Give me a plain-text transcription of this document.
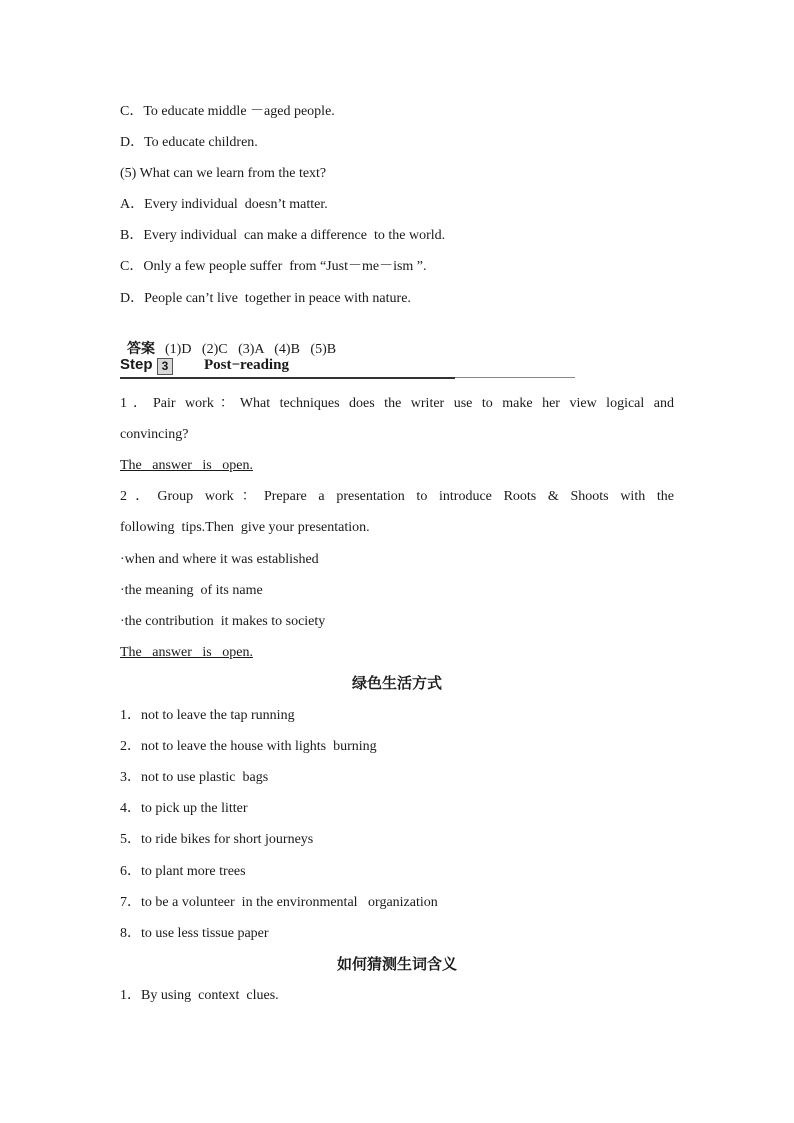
C．To educate middle －aged people.
D．To educate children.
(5) What can we learn from the text?
A．Every individual  doesn’t matter.
B．Every individual  can make a difference  to the world.
C．Only a few people suffer  from “Just－me－ism ”.
D．People can’t live  together in peace with nature.

答案 (1)D   (2)C   (3)A   (4)B   (5)B

Step 3	Post−reading
1．Pair work：What techniques does the writer use to make her view logical and
convincing?
The   answer   is   open.
2．Group work：Prepare a presentation to introduce Roots & Shoots with the
following  tips.Then  give your presentation.
·when and where it was established
·the meaning  of its name
·the contribution  it makes to society
The   answer   is   open.
绿色生活方式
1．not to leave the tap running
2．not to leave the house with lights  burning
3．not to use plastic  bags
4．to pick up the litter
5．to ride bikes for short journeys
6．to plant more trees
7．to be a volunteer  in the environmental   organization
8．to use less tissue paper
如何猜测生词含义
1．By using  context  clues.
